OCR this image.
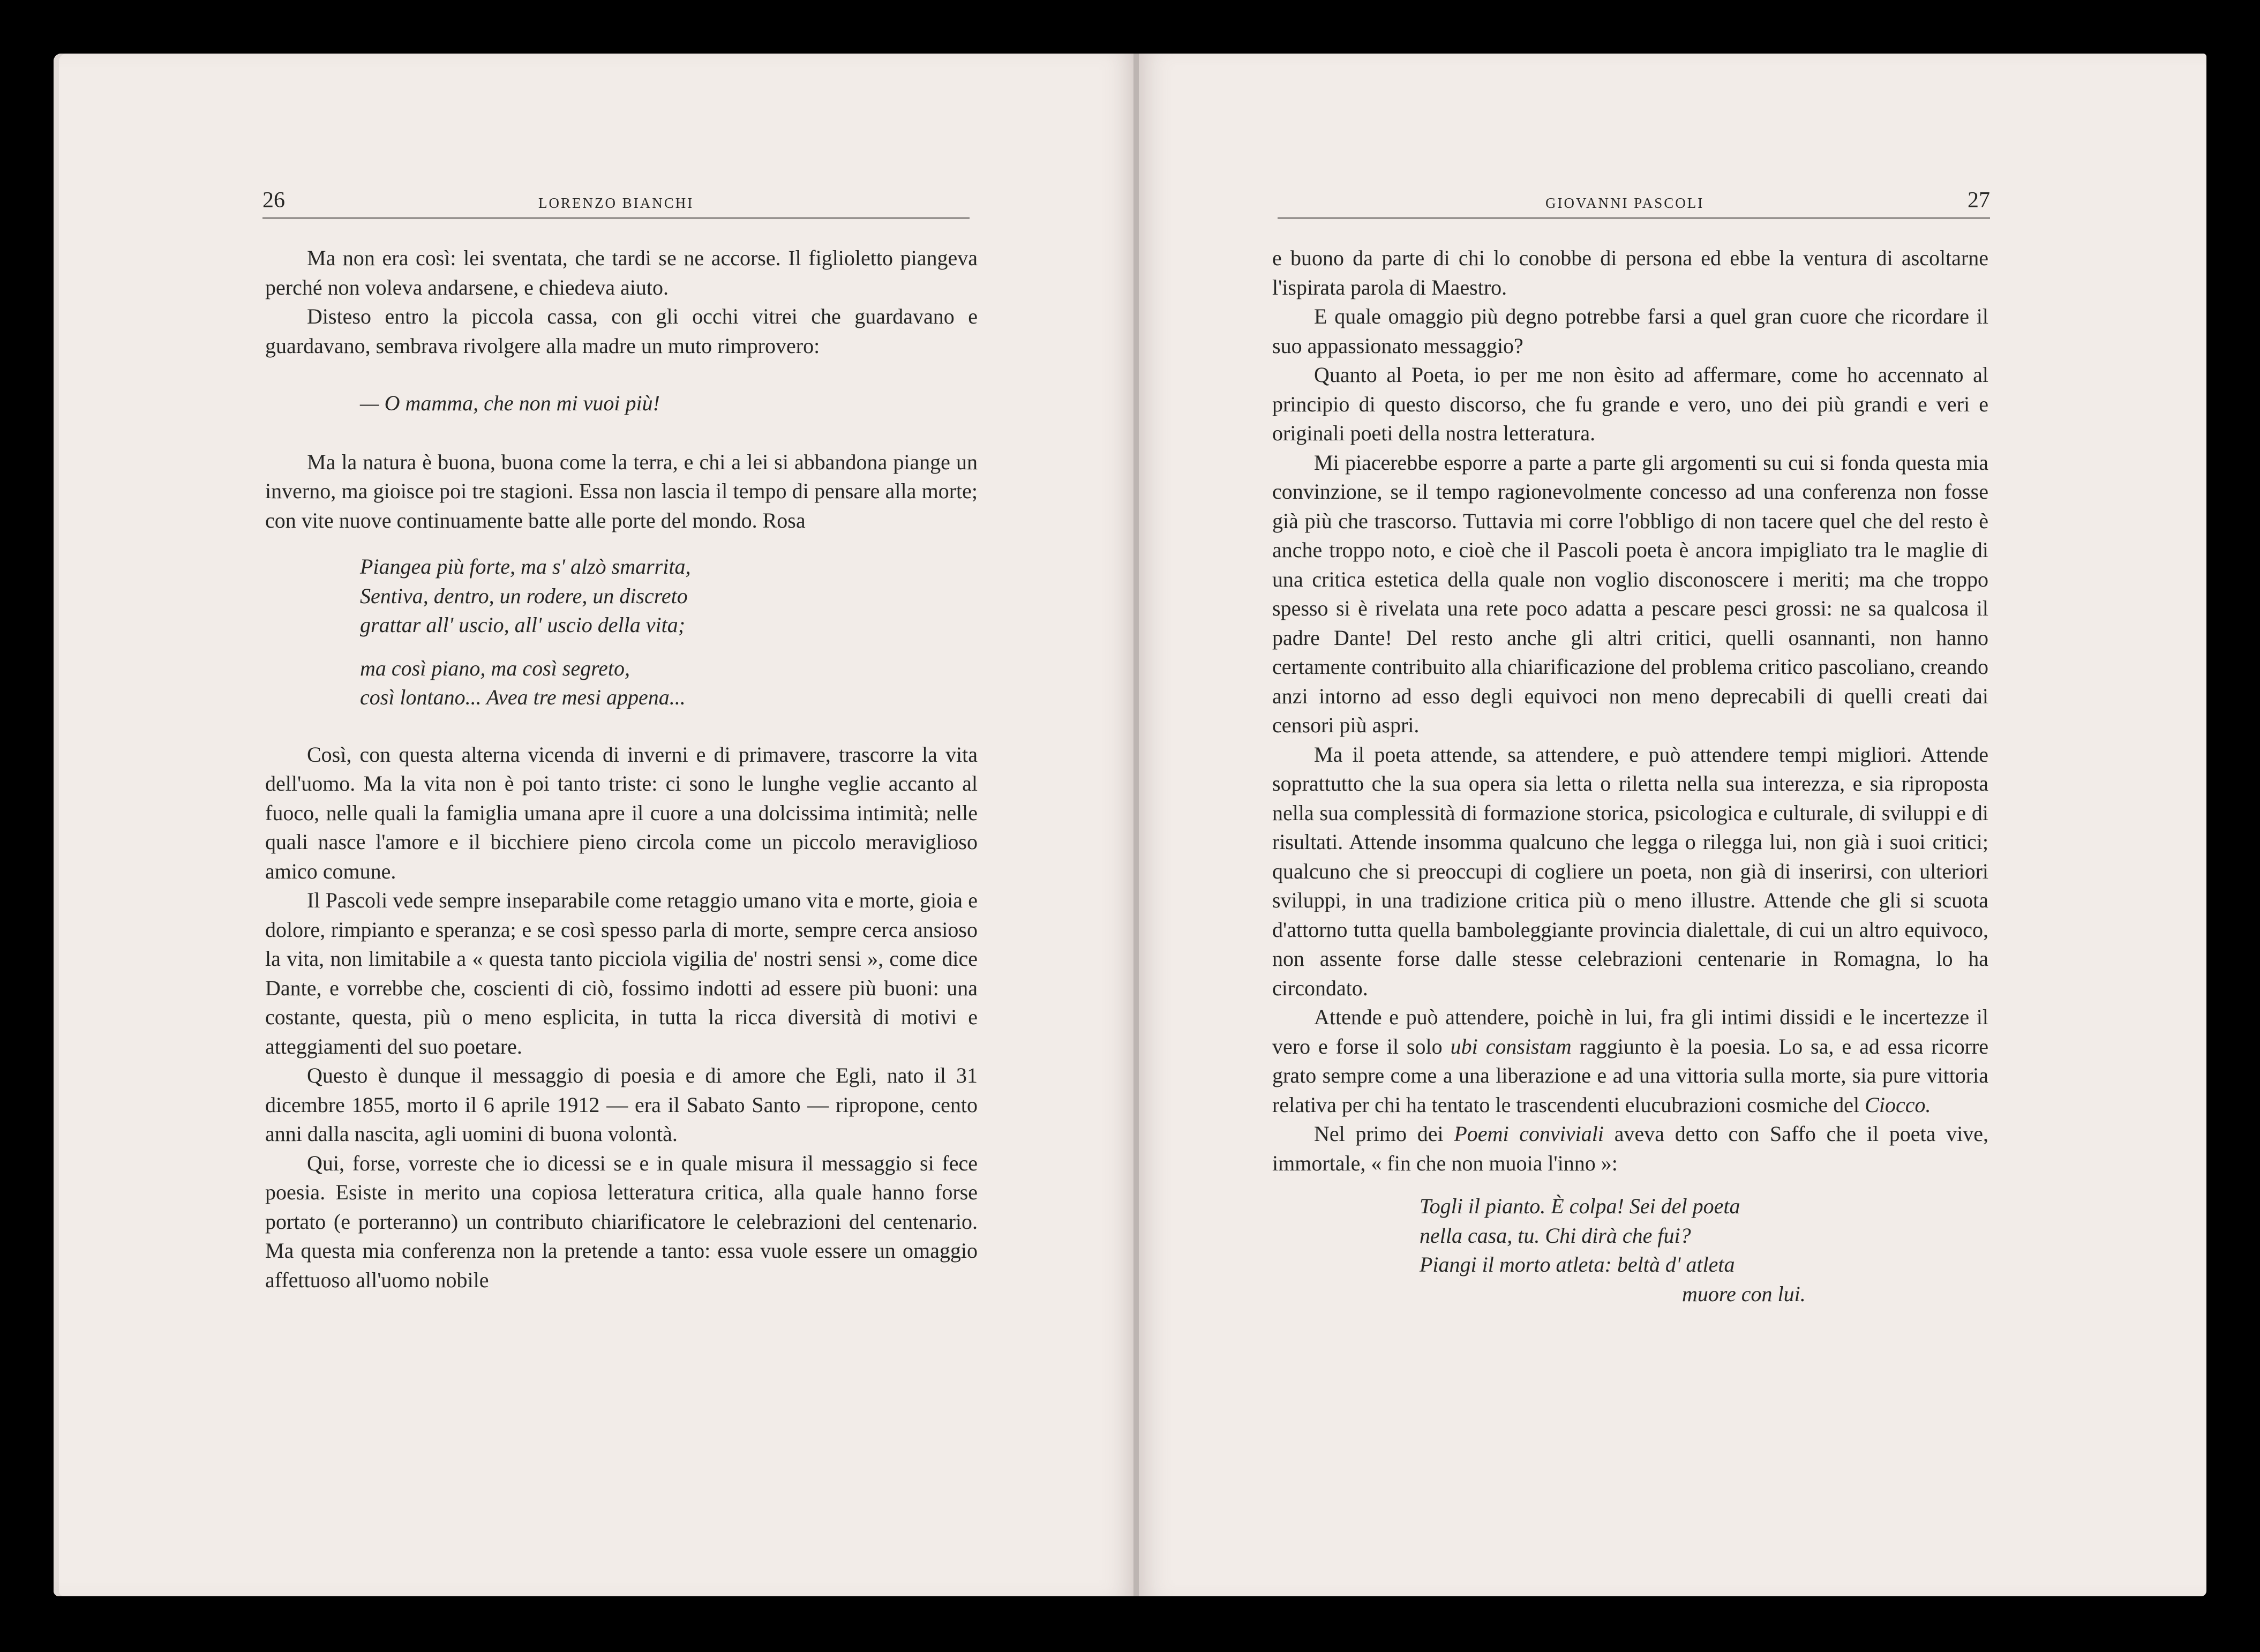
26	LORENZO BIANCHI	GIOVANNI PASCOLI	27

Ma non era così: lei sventata, che tardi se ne accorse. Il figlioletto piangeva perché non voleva andarsene, e chiedeva aiuto.

Disteso entro la piccola cassa, con gli occhi vitrei che guardavano e guardavano, sembrava rivolgere alla madre un muto rimprovero:

— O mamma, che non mi vuoi più!

Ma la natura è buona, buona come la terra, e chi a lei si abbandona piange un inverno, ma gioisce poi tre stagioni. Essa non lascia il tempo di pensare alla morte; con vite nuove continuamente batte alle porte del mondo. Rosa

Piangea più forte, ma s' alzò smarrita,
Sentiva, dentro, un rodere, un discreto
grattar all' uscio, all' uscio della vita;
ma così piano, ma così segreto,
così lontano... Avea tre mesi appena...

Così, con questa alterna vicenda di inverni e di primavere, trascorre la vita dell'uomo. Ma la vita non è poi tanto triste: ci sono le lunghe veglie accanto al fuoco, nelle quali la famiglia umana apre il cuore a una dolcissima intimità; nelle quali nasce l'amore e il bicchiere pieno circola come un piccolo meraviglioso amico comune.

Il Pascoli vede sempre inseparabile come retaggio umano vita e morte, gioia e dolore, rimpianto e speranza; e se così spesso parla di morte, sempre cerca ansioso la vita, non limitabile a « questa tanto picciola vigilia de' nostri sensi », come dice Dante, e vorrebbe che, coscienti di ciò, fossimo indotti ad essere più buoni: una costante, questa, più o meno esplicita, in tutta la ricca diversità di motivi e atteggiamenti del suo poetare.

Questo è dunque il messaggio di poesia e di amore che Egli, nato il 31 dicembre 1855, morto il 6 aprile 1912 — era il Sabato Santo — ripropone, cento anni dalla nascita, agli uomini di buona volontà.

Qui, forse, vorreste che io dicessi se e in quale misura il messaggio si fece poesia. Esiste in merito una copiosa letteratura critica, alla quale hanno forse portato (e porteranno) un contributo chiarificatore le celebrazioni del centenario. Ma questa mia conferenza non la pretende a tanto: essa vuole essere un omaggio affettuoso all'uomo nobile

e buono da parte di chi lo conobbe di persona ed ebbe la ventura di ascoltarne l'ispirata parola di Maestro.

E quale omaggio più degno potrebbe farsi a quel gran cuore che ricordare il suo appassionato messaggio?

Quanto al Poeta, io per me non èsito ad affermare, come ho accennato al principio di questo discorso, che fu grande e vero, uno dei più grandi e veri e originali poeti della nostra letteratura.

Mi piacerebbe esporre a parte a parte gli argomenti su cui si fonda questa mia convinzione, se il tempo ragionevolmente concesso ad una conferenza non fosse già più che trascorso. Tuttavia mi corre l'obbligo di non tacere quel che del resto è anche troppo noto, e cioè che il Pascoli poeta è ancora impigliato tra le maglie di una critica estetica della quale non voglio disconoscere i meriti; ma che troppo spesso si è rivelata una rete poco adatta a pescare pesci grossi: ne sa qualcosa il padre Dante! Del resto anche gli altri critici, quelli osannanti, non hanno certamente contribuito alla chiarificazione del problema critico pascoliano, creando anzi intorno ad esso degli equivoci non meno deprecabili di quelli creati dai censori più aspri.

Ma il poeta attende, sa attendere, e può attendere tempi migliori. Attende soprattutto che la sua opera sia letta o riletta nella sua interezza, e sia riproposta nella sua complessità di formazione storica, psicologica e culturale, di sviluppi e di risultati. Attende insomma qualcuno che legga o rilegga lui, non già i suoi critici; qualcuno che si preoccupi di cogliere un poeta, non già di inserirsi, con ulteriori sviluppi, in una tradizione critica più o meno illustre. Attende che gli si scuota d'attorno tutta quella bamboleggiante provincia dialettale, di cui un altro equivoco, non assente forse dalle stesse celebrazioni centenarie in Romagna, lo ha circondato.

Attende e può attendere, poichè in lui, fra gli intimi dissidi e le incertezze il vero e forse il solo ubi consistam raggiunto è la poesia. Lo sa, e ad essa ricorre grato sempre come a una liberazione e ad una vittoria sulla morte, sia pure vittoria relativa per chi ha tentato le trascendenti elucubrazioni cosmiche del Ciocco.

Nel primo dei Poemi conviviali aveva detto con Saffo che il poeta vive, immortale, « fin che non muoia l'inno »:

Togli il pianto. È colpa! Sei del poeta
nella casa, tu. Chi dirà che fui?
Piangi il morto atleta: beltà d' atleta
muore con lui.
